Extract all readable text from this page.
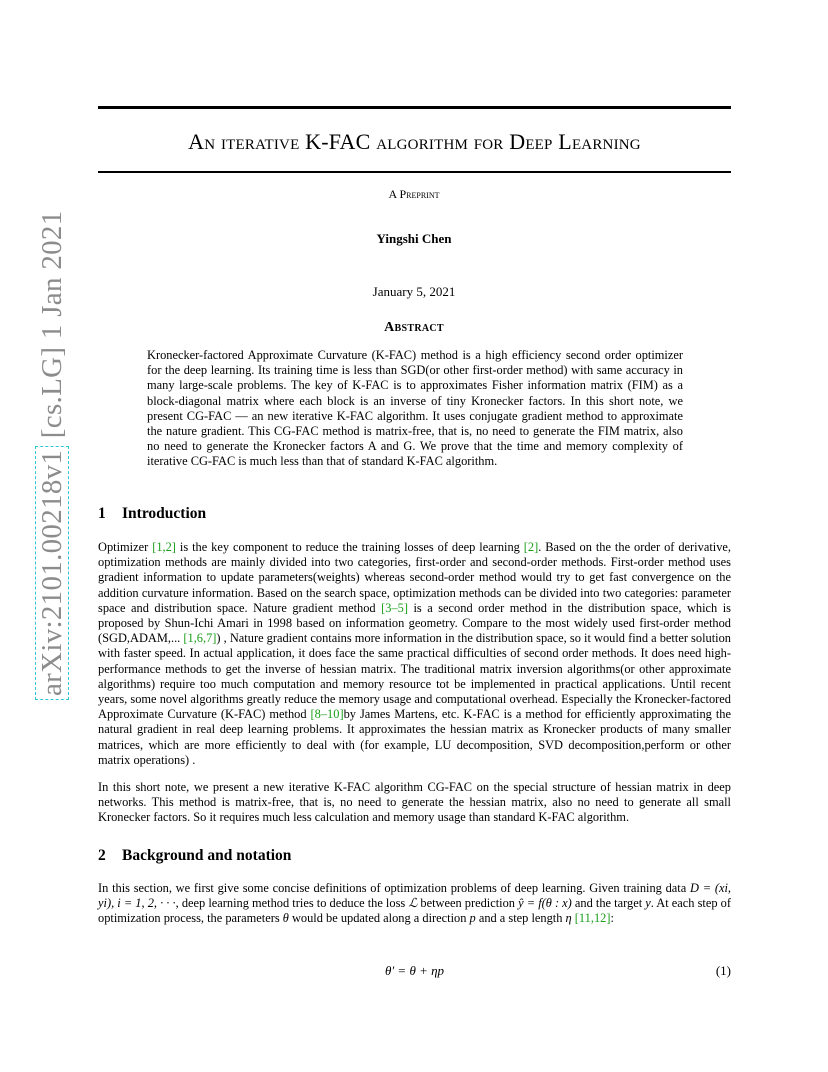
arXiv:2101.00218v1 [cs.LG] 1 Jan 2021
An iterative K-FAC algorithm for Deep Learning
A Preprint
Yingshi Chen
January 5, 2021
Abstract
Kronecker-factored Approximate Curvature (K-FAC) method is a high efficiency second order optimizer for the deep learning. Its training time is less than SGD(or other first-order method) with same accuracy in many large-scale problems. The key of K-FAC is to approximates Fisher information matrix (FIM) as a block-diagonal matrix where each block is an inverse of tiny Kronecker factors. In this short note, we present CG-FAC — an new iterative K-FAC algorithm. It uses conjugate gradient method to approximate the nature gradient. This CG-FAC method is matrix-free, that is, no need to generate the FIM matrix, also no need to generate the Kronecker factors A and G. We prove that the time and memory complexity of iterative CG-FAC is much less than that of standard K-FAC algorithm.
1 Introduction
Optimizer [1,2] is the key component to reduce the training losses of deep learning [2]. Based on the the order of derivative, optimization methods are mainly divided into two categories, first-order and second-order methods. First-order method uses gradient information to update parameters(weights) whereas second-order method would try to get fast convergence on the addition curvature information. Based on the search space, optimization methods can be divided into two categories: parameter space and distribution space. Nature gradient method [3–5] is a second order method in the distribution space, which is proposed by Shun-Ichi Amari in 1998 based on information geometry. Compare to the most widely used first-order method (SGD,ADAM,... [1,6,7]) , Nature gradient contains more information in the distribution space, so it would find a better solution with faster speed. In actual application, it does face the same practical difficulties of second order methods. It does need high-performance methods to get the inverse of hessian matrix. The traditional matrix inversion algorithms(or other approximate algorithms) require too much computation and memory resource tot be implemented in practical applications. Until recent years, some novel algorithms greatly reduce the memory usage and computational overhead. Especially the Kronecker-factored Approximate Curvature (K-FAC) method [8–10]by James Martens, etc. K-FAC is a method for efficiently approximating the natural gradient in real deep learning problems. It approximates the hessian matrix as Kronecker products of many smaller matrices, which are more efficiently to deal with (for example, LU decomposition, SVD decomposition,perform or other matrix operations) .
In this short note, we present a new iterative K-FAC algorithm CG-FAC on the special structure of hessian matrix in deep networks. This method is matrix-free, that is, no need to generate the hessian matrix, also no need to generate all small Kronecker factors. So it requires much less calculation and memory usage than standard K-FAC algorithm.
2 Background and notation
In this section, we first give some concise definitions of optimization problems of deep learning. Given training data D = (xi, yi), i = 1, 2, · · ·, deep learning method tries to deduce the loss ℒ between prediction ŷ = f(θ : x) and the target y. At each step of optimization process, the parameters θ would be updated along a direction p and a step length η [11,12]:
θ′ = θ + ηp	(1)
